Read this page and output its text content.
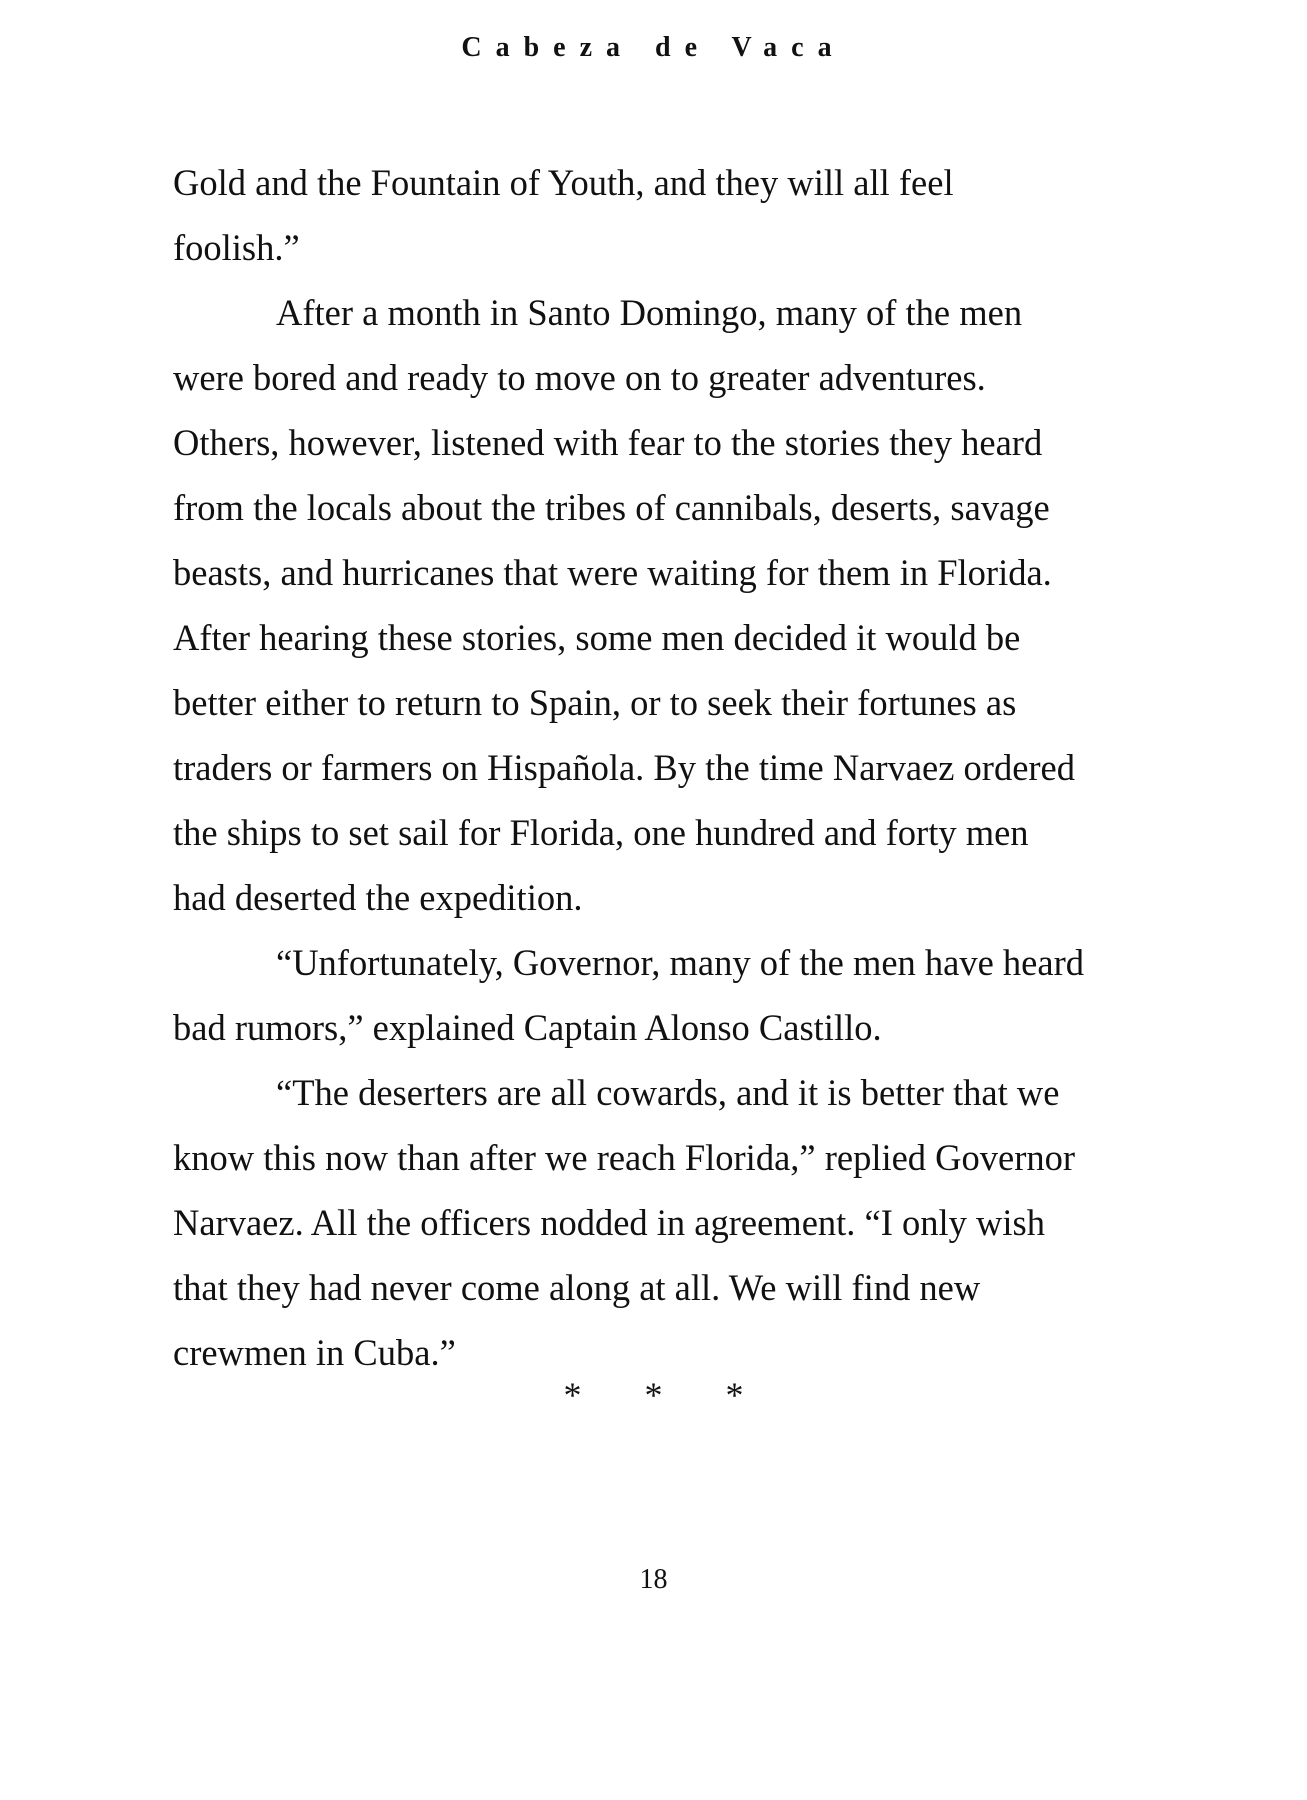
Cabeza de Vaca
Gold and the Fountain of Youth, and they will all feel
foolish.”
After a month in Santo Domingo, many of the men
were bored and ready to move on to greater adventures.
Others, however, listened with fear to the stories they heard
from the locals about the tribes of cannibals, deserts, savage
beasts, and hurricanes that were waiting for them in Florida.
After hearing these stories, some men decided it would be
better either to return to Spain, or to seek their fortunes as
traders or farmers on Hispañola. By the time Narvaez ordered
the ships to set sail for Florida, one hundred and forty men
had deserted the expedition.
“Unfortunately, Governor, many of the men have heard
bad rumors,” explained Captain Alonso Castillo.
“The deserters are all cowards, and it is better that we
know this now than after we reach Florida,” replied Governor
Narvaez. All the officers nodded in agreement. “I only wish
that they had never come along at all. We will find new
crewmen in Cuba.”
*       *       *
18
